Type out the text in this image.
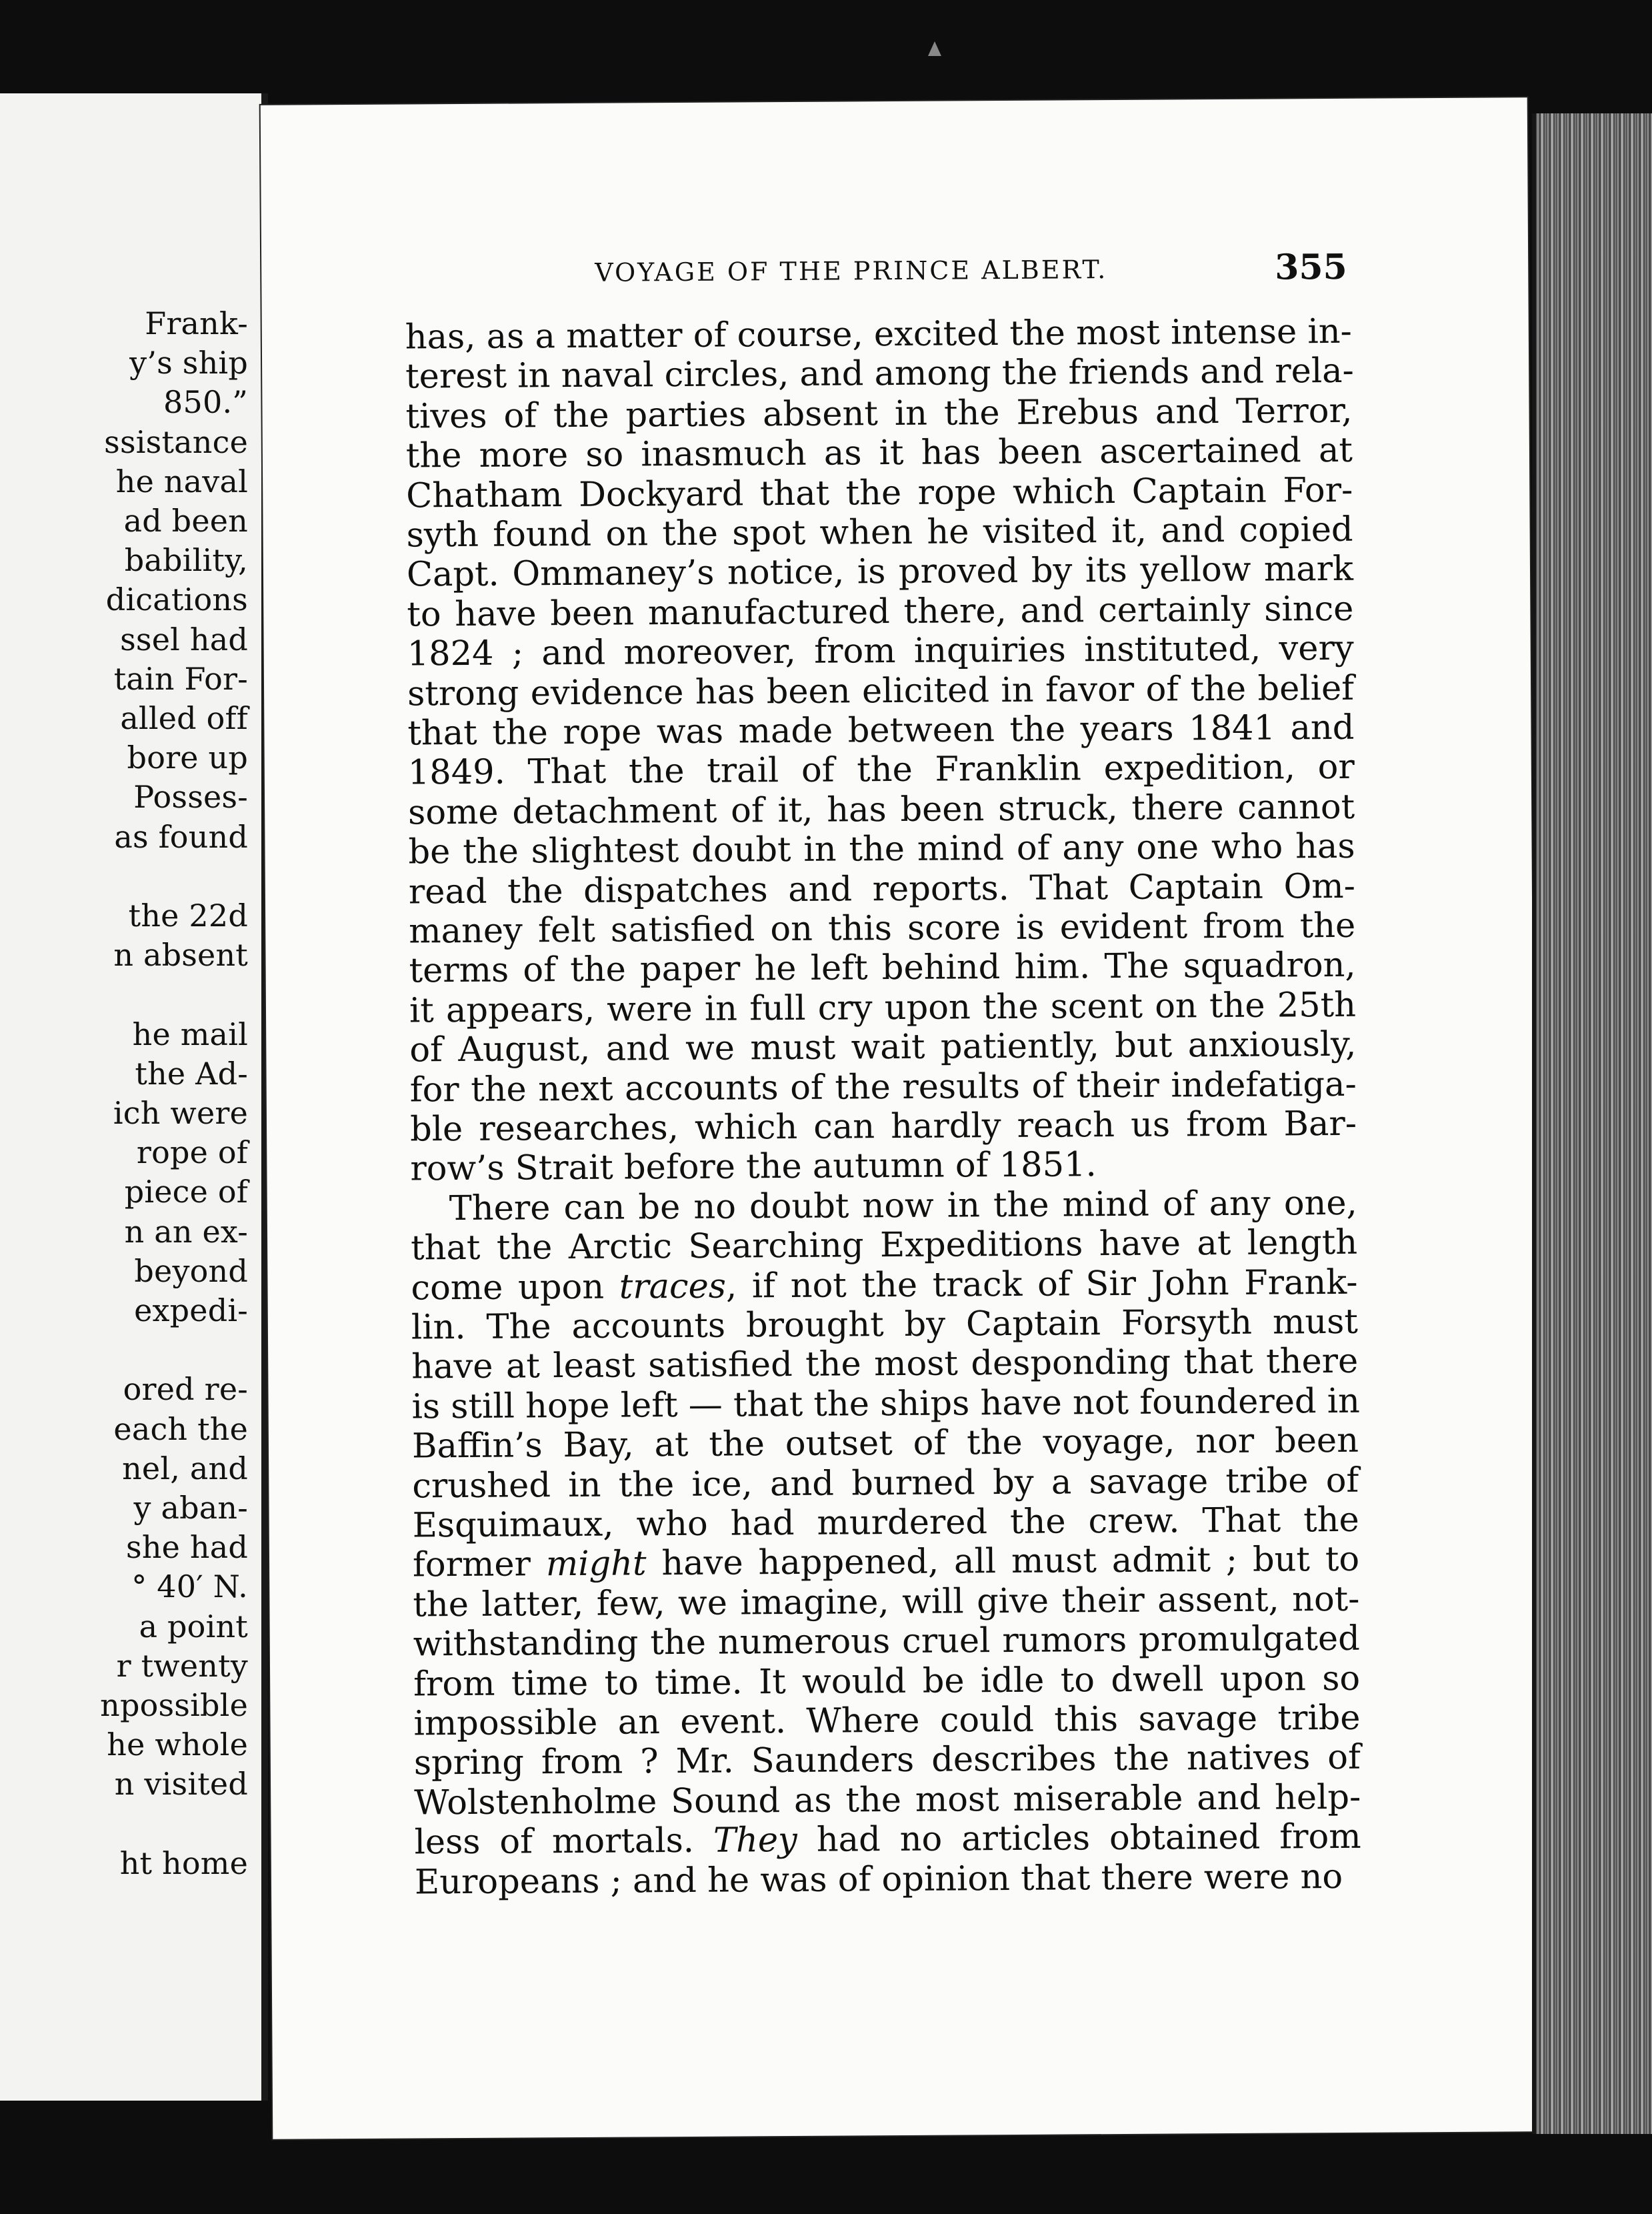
Frank-
y’s ship
850.”
ssistance
he naval
ad been
bability,
dications
ssel had
tain For-
alled off
bore up
Posses-
as found
the 22d
n absent
he mail
the Ad-
ich were
rope of
piece of
n an ex-
beyond
expedi-
ored re-
each the
nel, and
y aban-
she had
° 40′ N.
a point
r twenty
npossible
he whole
n visited
ht home
VOYAGE OF THE PRINCE ALBERT.	355
has, as a matter of course, excited the most intense in-
terest in naval circles, and among the friends and rela-
tives of the parties absent in the Erebus and Terror,
the more so inasmuch as it has been ascertained at
Chatham Dockyard that the rope which Captain For-
syth found on the spot when he visited it, and copied
Capt. Ommaney’s notice, is proved by its yellow mark
to have been manufactured there, and certainly since
1824 ; and moreover, from inquiries instituted, very
strong evidence has been elicited in favor of the belief
that the rope was made between the years 1841 and
1849. That the trail of the Franklin expedition, or
some detachment of it, has been struck, there cannot
be the slightest doubt in the mind of any one who has
read the dispatches and reports. That Captain Om-
maney felt satisfied on this score is evident from the
terms of the paper he left behind him. The squadron,
it appears, were in full cry upon the scent on the 25th
of August, and we must wait patiently, but anxiously,
for the next accounts of the results of their indefatiga-
ble researches, which can hardly reach us from Bar-
row’s Strait before the autumn of 1851.
There can be no doubt now in the mind of any one,
that the Arctic Searching Expeditions have at length
come upon traces, if not the track of Sir John Frank-
lin. The accounts brought by Captain Forsyth must
have at least satisfied the most desponding that there
is still hope left — that the ships have not foundered in
Baffin’s Bay, at the outset of the voyage, nor been
crushed in the ice, and burned by a savage tribe of
Esquimaux, who had murdered the crew. That the
former might have happened, all must admit ; but to
the latter, few, we imagine, will give their assent, not-
withstanding the numerous cruel rumors promulgated
from time to time. It would be idle to dwell upon so
impossible an event. Where could this savage tribe
spring from ? Mr. Saunders describes the natives of
Wolstenholme Sound as the most miserable and help-
less of mortals. They had no articles obtained from
Europeans ; and he was of opinion that there were no
